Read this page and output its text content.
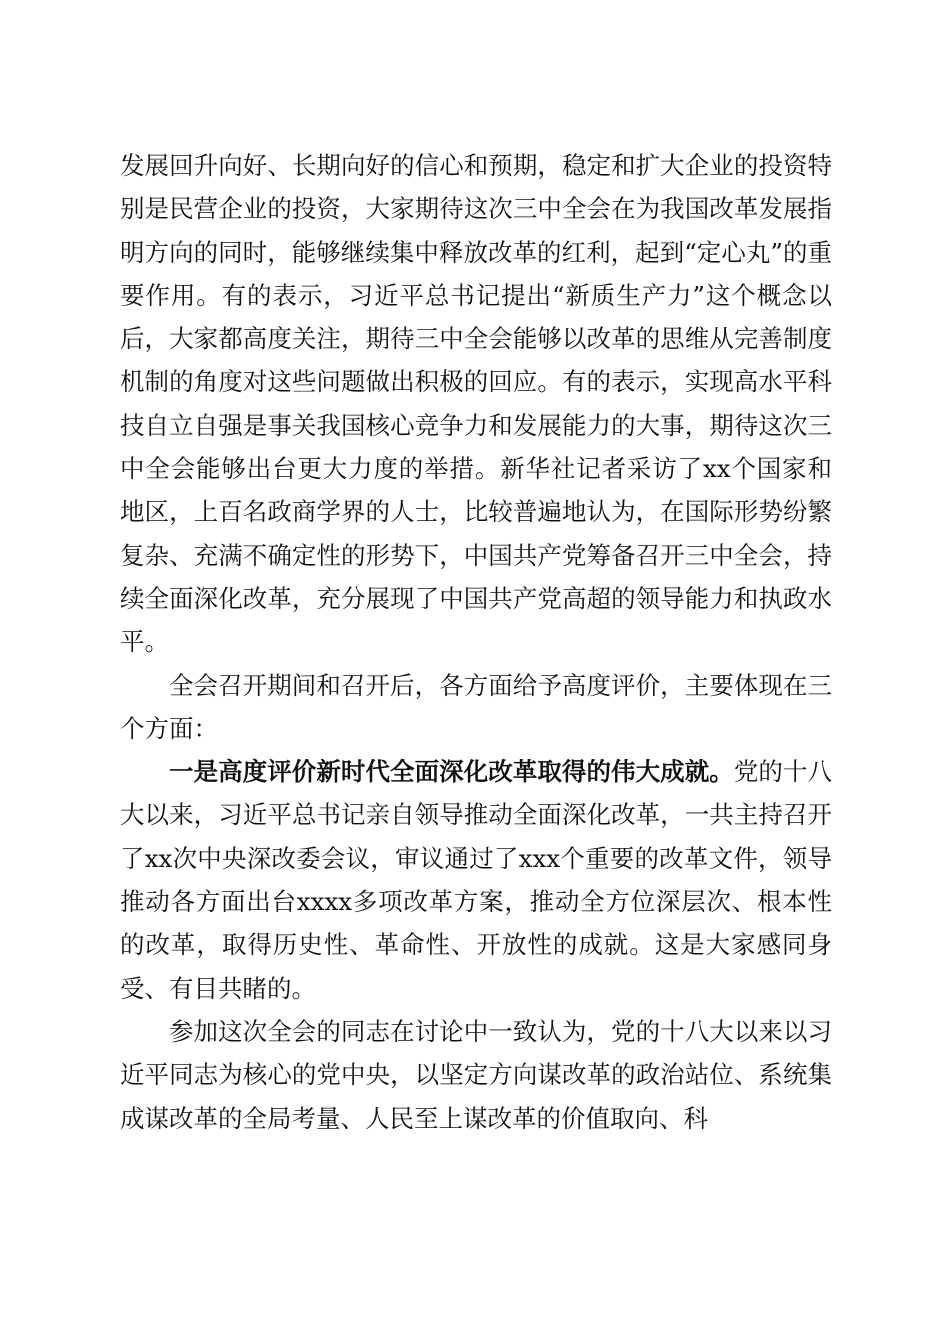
发展回升向好、长期向好的信心和预期，稳定和扩大企业的投资特别是民营企业的投资，大家期待这次三中全会在为我国改革发展指明方向的同时，能够继续集中释放改革的红利，起到“定心丸”的重要作用。有的表示，习近平总书记提出“新质生产力”这个概念以后，大家都高度关注，期待三中全会能够以改革的思维从完善制度机制的角度对这些问题做出积极的回应。有的表示，实现高水平科技自立自强是事关我国核心竞争力和发展能力的大事，期待这次三中全会能够出台更大力度的举措。新华社记者采访了xx个国家和地区，上百名政商学界的人士，比较普遍地认为，在国际形势纷繁复杂、充满不确定性的形势下，中国共产党筹备召开三中全会，持续全面深化改革，充分展现了中国共产党高超的领导能力和执政水平。

全会召开期间和召开后，各方面给予高度评价，主要体现在三个方面：

一是高度评价新时代全面深化改革取得的伟大成就。党的十八大以来，习近平总书记亲自领导推动全面深化改革，一共主持召开了xx次中央深改委会议，审议通过了xxx个重要的改革文件，领导推动各方面出台xxxx多项改革方案，推动全方位深层次、根本性的改革，取得历史性、革命性、开放性的成就。这是大家感同身受、有目共睹的。

参加这次全会的同志在讨论中一致认为，党的十八大以来以习近平同志为核心的党中央，以坚定方向谋改革的政治站位、系统集成谋改革的全局考量、人民至上谋改革的价值取向、科
